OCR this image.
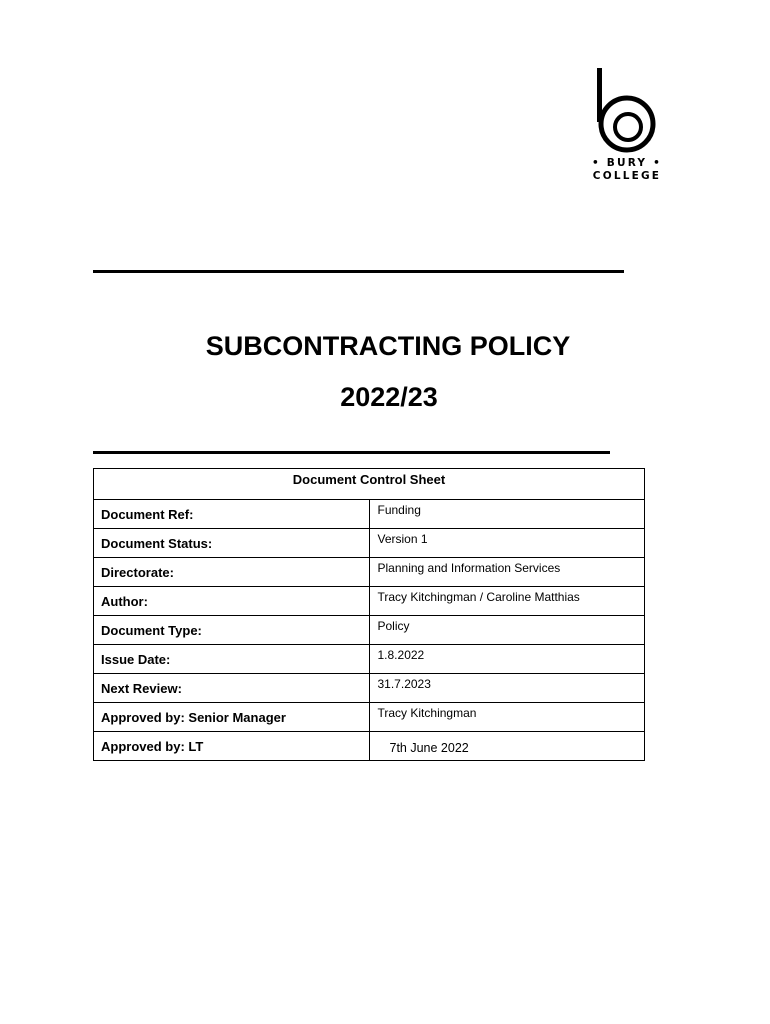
• BURY •
COLLEGE
SUBCONTRACTING POLICY
2022/23
Document Control Sheet	
Document Ref:	Funding
Document Status:	Version 1
Directorate:	Planning and Information Services
Author:	Tracy Kitchingman / Caroline Matthias
Document Type:	Policy
Issue Date:	1.8.2022
Next Review:	31.7.2023
Approved by: Senior Manager	Tracy Kitchingman
Approved by: LT	7th June 2022
